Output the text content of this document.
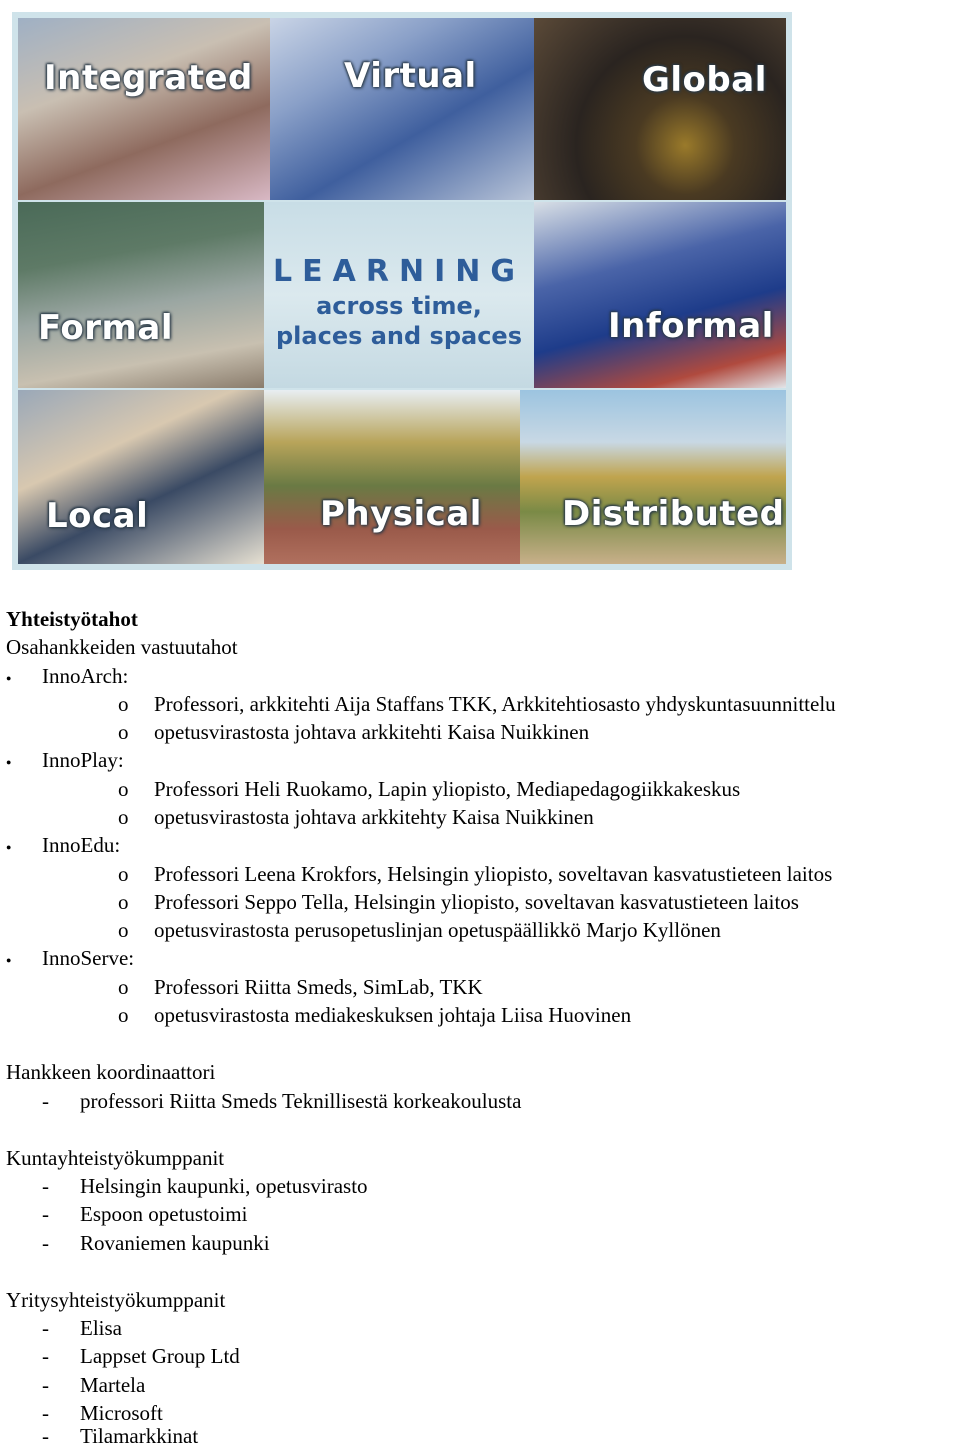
Integrated	Virtual	Global
Formal
LEARNING
across time,
places and spaces	Informal
Local	Physical Distributed
Yhteistyötahot
Osahankkeiden vastuutahot
● InnoArch:
o Professori, arkkitehti Aija Staffans TKK, Arkkitehtiosasto yhdyskuntasuunnittelu
o opetusvirastosta johtava arkkitehti Kaisa Nuikkinen
● InnoPlay:
o Professori Heli Ruokamo, Lapin yliopisto, Mediapedagogiikkakeskus
o opetusvirastosta johtava arkkitehty Kaisa Nuikkinen
● InnoEdu:
o Professori Leena Krokfors, Helsingin yliopisto, soveltavan kasvatustieteen laitos
o Professori Seppo Tella, Helsingin yliopisto, soveltavan kasvatustieteen laitos
o opetusvirastosta perusopetuslinjan opetuspäällikkö Marjo Kyllönen
● InnoServe:
o Professori Riitta Smeds, SimLab, TKK
o opetusvirastosta mediakeskuksen johtaja Liisa Huovinen
Hankkeen koordinaattori
- professori Riitta Smeds Teknillisestä korkeakoulusta
Kuntayhteistyökumppanit
- Helsingin kaupunki, opetusvirasto
- Espoon opetustoimi
- Rovaniemen kaupunki
Yritysyhteistyökumppanit
- Elisa
- Lappset Group Ltd
- Martela
- Microsoft
- Tilamarkkinat
